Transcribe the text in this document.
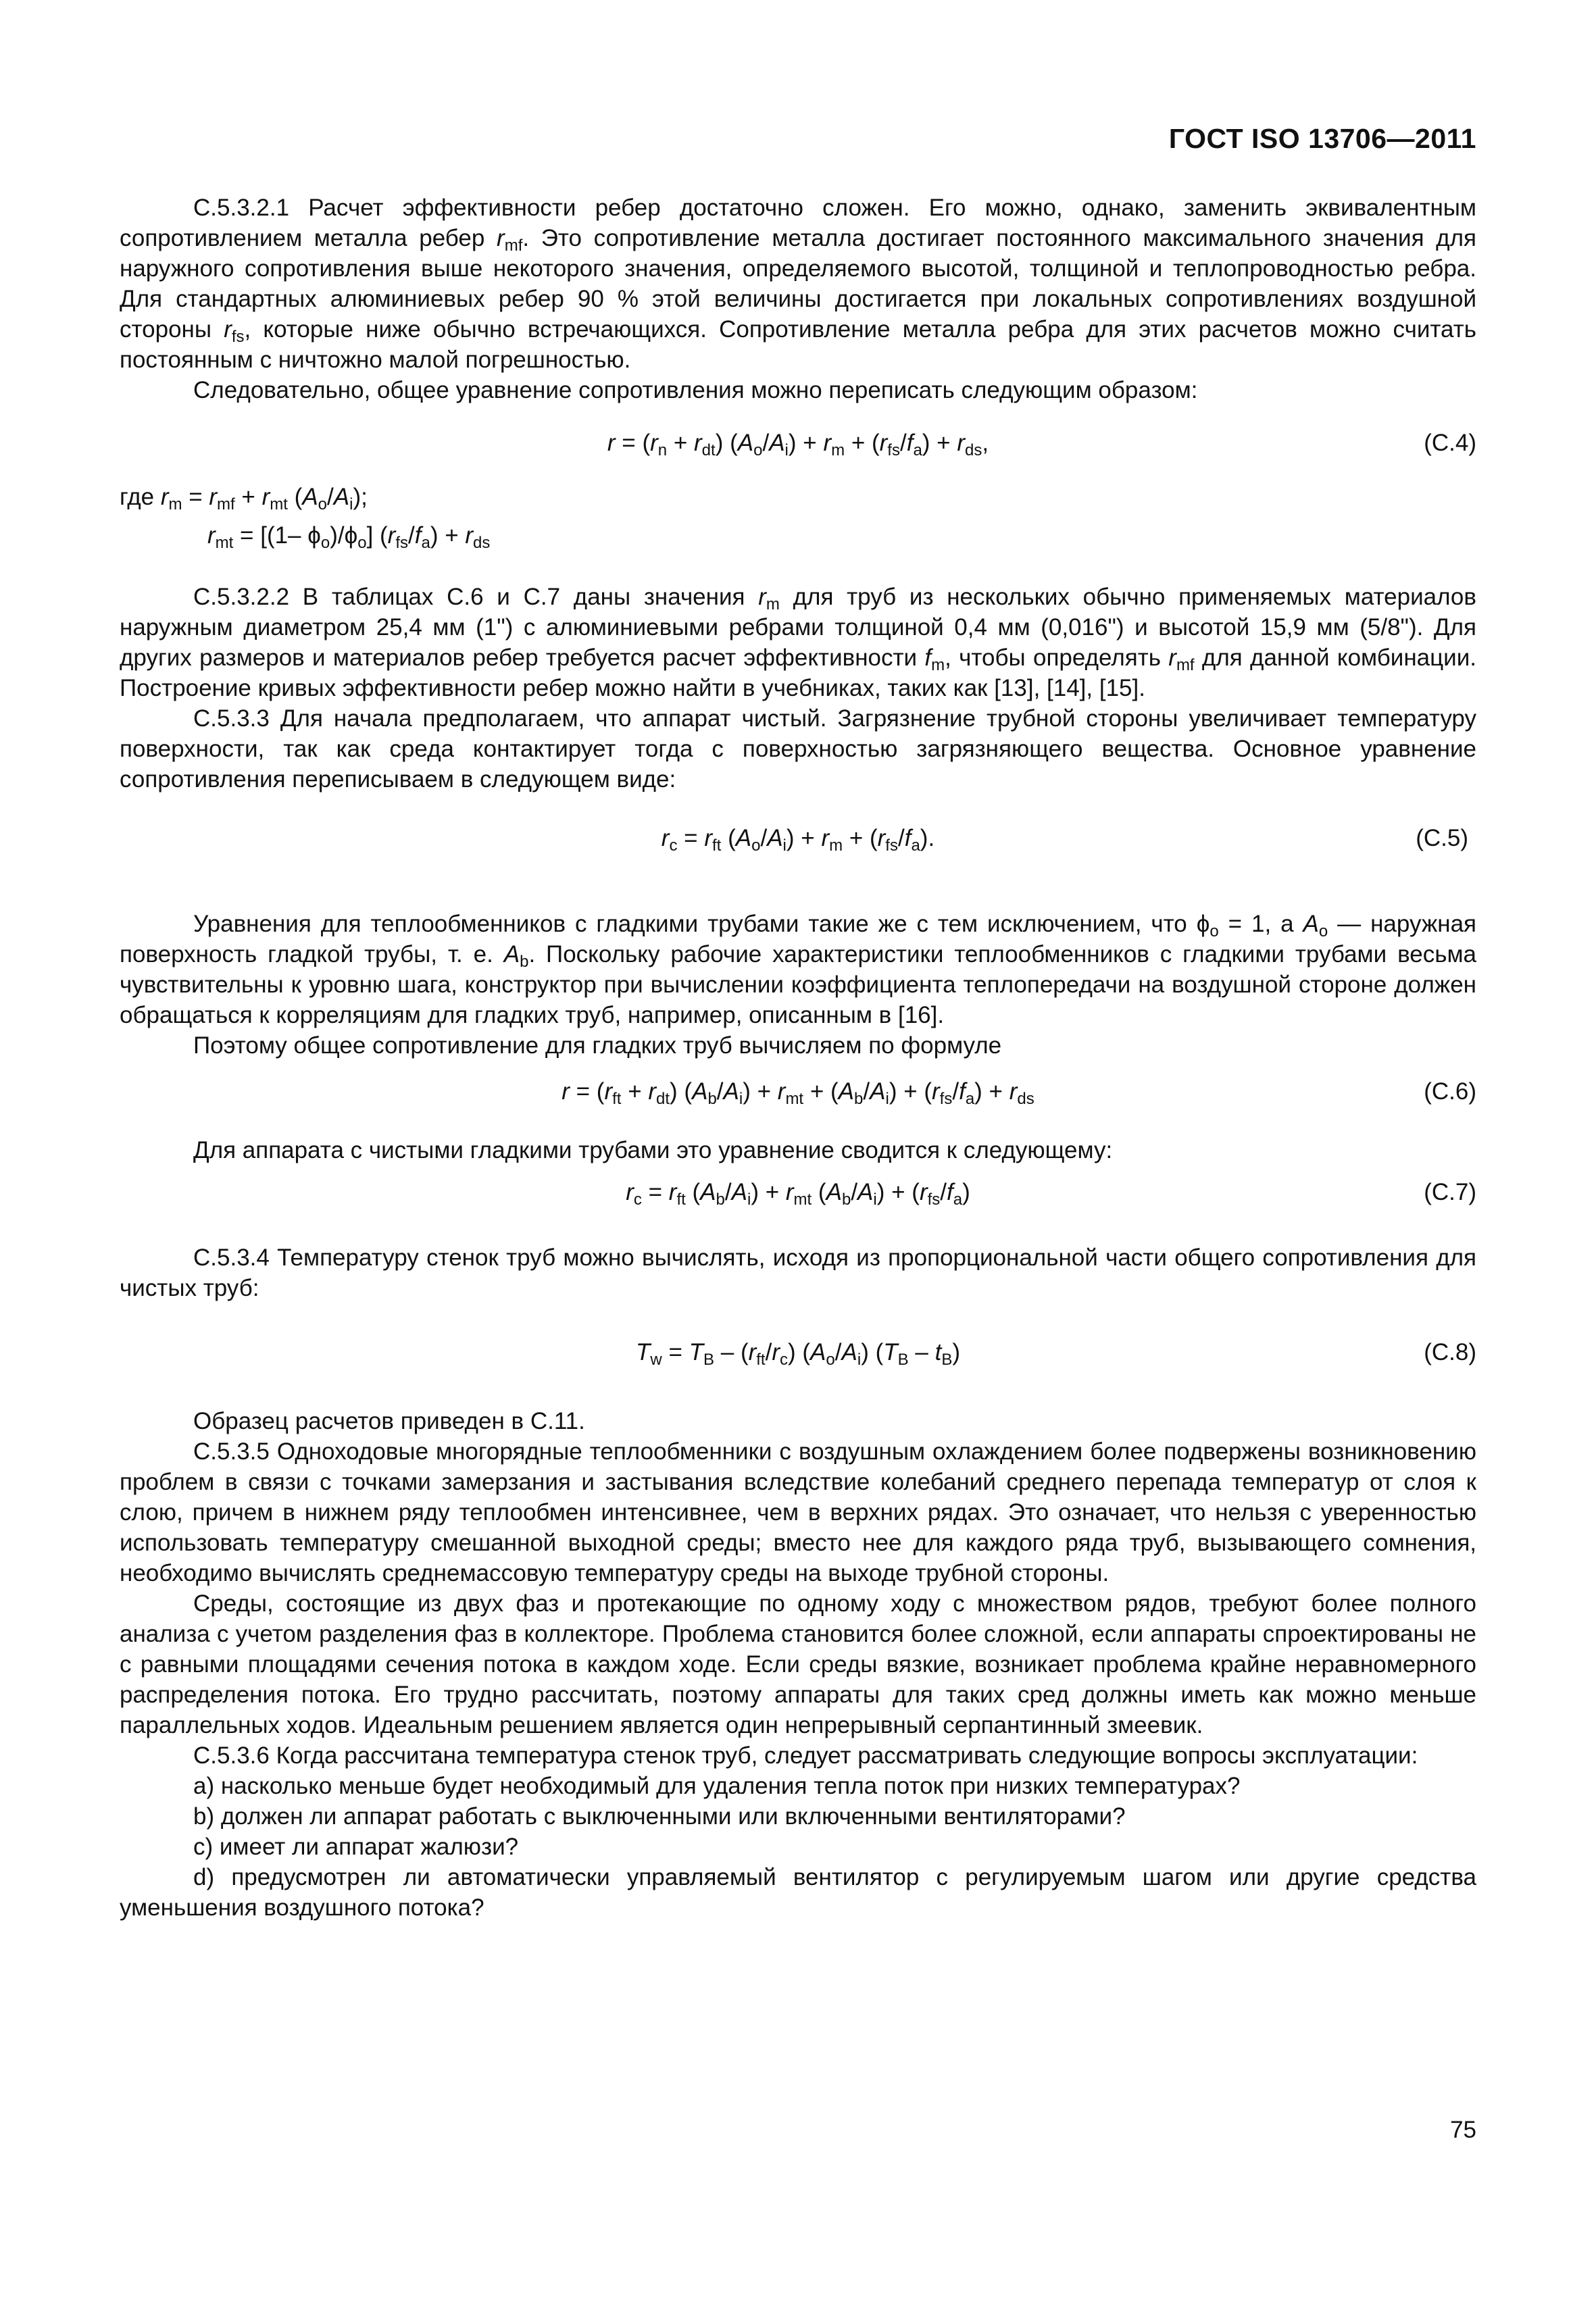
ГОСТ ISO 13706—2011

С.5.3.2.1 Расчет эффективности ребер достаточно сложен. Его можно, однако, заменить эквивалентным сопротивлением металла ребер $r_{mf}$. Это сопротивление металла достигает постоянного максимального значения для наружного сопротивления выше некоторого значения, определяемого высотой, толщиной и теплопроводностью ребра. Для стандартных алюминиевых ребер 90 % этой величины достигается при локальных сопротивлениях воздушной стороны $r_{fs}$, которые ниже обычно встречающихся. Сопротивление металла ребра для этих расчетов можно считать постоянным с ничтожно малой погрешностью.

Следовательно, общее уравнение сопротивления можно переписать следующим образом:

$r = (r_n + r_{dt}) (A_o/A_i) + r_m + (r_{fs}/f_a) + r_{ds}$,	(С.4)
где $r_m = r_{mf} + r_{mt}$ $(A_o/A_i)$;
$r_{mt} = [(1-$ $\phi_o)/\phi_o$] $(r_{fs}/f_a) + r_{ds}$

С.5.3.2.2 В таблицах С.6 и С.7 даны значения $r_m$ для труб из нескольких обычно применяемых материалов наружным диаметром 25,4 мм (1") с алюминиевыми ребрами толщиной 0,4 мм (0,016") и высотой 15,9 мм (5/8"). Для других размеров и материалов ребер требуется расчет эффективности $f_m$, чтобы определять $r_{mf}$ для данной комбинации. Построение кривых эффективности ребер можно найти в учебниках, таких как [13], [14], [15].

С.5.3.3 Для начала предполагаем, что аппарат чистый. Загрязнение трубной стороны увеличивает температуру поверхности, так как среда контактирует тогда с поверхностью загрязняющего вещества. Основное уравнение сопротивления переписываем в следующем виде:

$r_c = r_{ft}$ $(A_o/A_i) + r_m + (r_{fs}/f_a)$.	(С.5)

Уравнения для теплообменников с гладкими трубами такие же с тем исключением, что $\phi_o = 1$, а $A_o$ — наружная поверхность гладкой трубы, т. е. $A_b$. Поскольку рабочие характеристики теплообменников с гладкими трубами весьма чувствительны к уровню шага, конструктор при вычислении коэффициента теплопередачи на воздушной стороне должен обращаться к корреляциям для гладких труб, например, описанным в [16].

Поэтому общее сопротивление для гладких труб вычисляем по формуле

$r = (r_{ft} + r_{dt}) (A_b/A_i) + r_{mt} + (A_b/A_i) + (r_{fs}/f_a) + r_{ds}$	(С.6)

Для аппарата с чистыми гладкими трубами это уравнение сводится к следующему:

$r_c = r_{ft}$ $(A_b/A_i) + r_{mt}$ $(A_b/A_i) + (r_{fs}/f_a)$	(С.7)

С.5.3.4 Температуру стенок труб можно вычислять, исходя из пропорциональной части общего сопротивления для чистых труб:

$T_w = T_B - (r_{ft}/r_c)$ $(A_o/A_i)$ $(T_B - t_B)$	(С.8)

Образец расчетов приведен в С.11.

С.5.3.5 Одноходовые многорядные теплообменники с воздушным охлаждением более подвержены возникновению проблем в связи с точками замерзания и застывания вследствие колебаний среднего перепада температур от слоя к слою, причем в нижнем ряду теплообмен интенсивнее, чем в верхних рядах. Это означает, что нельзя с уверенностью использовать температуру смешанной выходной среды; вместо нее для каждого ряда труб, вызывающего сомнения, необходимо вычислять среднемассовую температуру среды на выходе трубной стороны.

Среды, состоящие из двух фаз и протекающие по одному ходу с множеством рядов, требуют более полного анализа с учетом разделения фаз в коллекторе. Проблема становится более сложной, если аппараты спроектированы не с равными площадями сечения потока в каждом ходе. Если среды вязкие, возникает проблема крайне неравномерного распределения потока. Его трудно рассчитать, поэтому аппараты для таких сред должны иметь как можно меньше параллельных ходов. Идеальным решением является один непрерывный серпантинный змеевик.

С.5.3.6 Когда рассчитана температура стенок труб, следует рассматривать следующие вопросы эксплуатации:

а) насколько меньше будет необходимый для удаления тепла поток при низких температурах?

b) должен ли аппарат работать с выключенными или включенными вентиляторами?

с) имеет ли аппарат жалюзи?

d) предусмотрен ли автоматически управляемый вентилятор с регулируемым шагом или другие средства уменьшения воздушного потока?

75
